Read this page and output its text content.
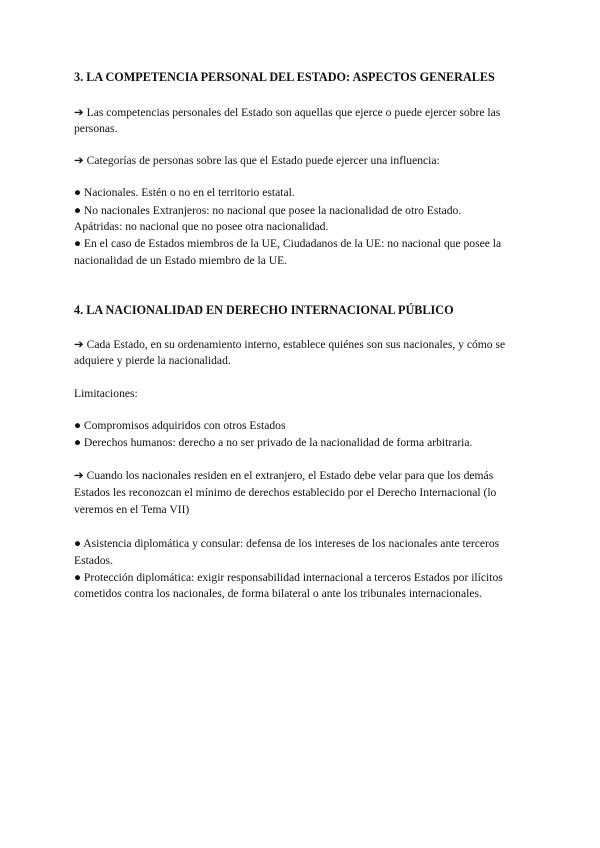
3. LA COMPETENCIA PERSONAL DEL ESTADO: ASPECTOS GENERALES
➔ Las competencias personales del Estado son aquellas que ejerce o puede ejercer sobre las
personas.
➔ Categorías de personas sobre las que el Estado puede ejercer una influencia:
● Nacionales. Estén o no en el territorio estatal.
● No nacionales Extranjeros: no nacional que posee la nacionalidad de otro Estado.
Apátridas: no nacional que no posee otra nacionalidad.
● En el caso de Estados miembros de la UE, Ciudadanos de la UE: no nacional que posee la
nacionalidad de un Estado miembro de la UE.
4. LA NACIONALIDAD EN DERECHO INTERNACIONAL PÚBLICO
➔ Cada Estado, en su ordenamiento interno, establece quiénes son sus nacionales, y cómo se
adquiere y pierde la nacionalidad.
Limitaciones:
● Compromisos adquiridos con otros Estados
● Derechos humanos: derecho a no ser privado de la nacionalidad de forma arbitraria.
➔ Cuando los nacionales residen en el extranjero, el Estado debe velar para que los demás
Estados les reconozcan el mínimo de derechos establecido por el Derecho Internacional (lo
veremos en el Tema VII)
● Asistencia diplomática y consular: defensa de los intereses de los nacionales ante terceros
Estados.
● Protección diplomática: exigir responsabilidad internacional a terceros Estados por ilícitos
cometidos contra los nacionales, de forma bilateral o ante los tribunales internacionales.
